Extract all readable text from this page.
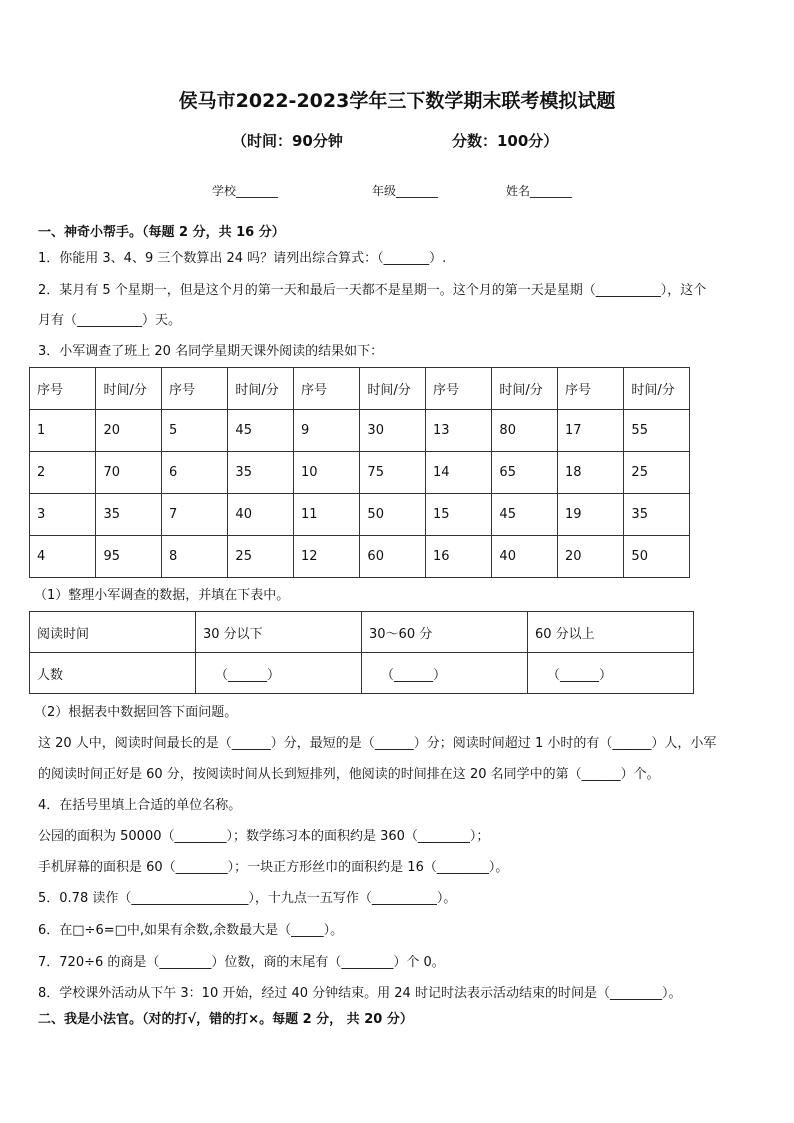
侯马市2022-2023学年三下数学期末联考模拟试题
（时间：90分钟	分数：100分）
学校_______	年级_______	姓名_______
一、神奇小帮手。（每题 2 分，共 16 分）
1．你能用 3、4、9 三个数算出 24 吗？请列出综合算式：（_______）.
2．某月有 5 个星期一，但是这个月的第一天和最后一天都不是星期一。这个月的第一天是星期（__________），这个
月有（__________）天。
3．小军调查了班上 20 名同学星期天课外阅读的结果如下：
序号	时间/分	序号	时间/分	序号	时间/分	序号	时间/分	序号	时间/分
1	20	5	45	9	30	13	80	17	55
2	70	6	35	10	75	14	65	18	25
3	35	7	40	11	50	15	45	19	35
4	95	8	25	12	60	16	40	20	50
（1）整理小军调查的数据，并填在下表中。
阅读时间	30 分以下	30～60 分	60 分以上
人数	（______）	（______）	（______）
（2）根据表中数据回答下面问题。
这 20 人中，阅读时间最长的是（______）分，最短的是（______）分；阅读时间超过 1 小时的有（______）人，小军
的阅读时间正好是 60 分，按阅读时间从长到短排列，他阅读的时间排在这 20 名同学中的第（______）个。
4．在括号里填上合适的单位名称。
公园的面积为 50000（________）；数学练习本的面积约是 360（________）；
手机屏幕的面积是 60（________）；一块正方形丝巾的面积约是 16（________）。
5．0.78 读作（__________________），十九点一五写作（__________）。
6．在□÷6=□中,如果有余数,余数最大是（_____）。
7．720÷6 的商是（________）位数，商的末尾有（________）个 0。
8．学校课外活动从下午 3：10 开始，经过 40 分钟结束。用 24 时记时法表示活动结束的时间是（________）。
二、我是小法官。（对的打√，错的打×。每题 2 分， 共 20 分）
